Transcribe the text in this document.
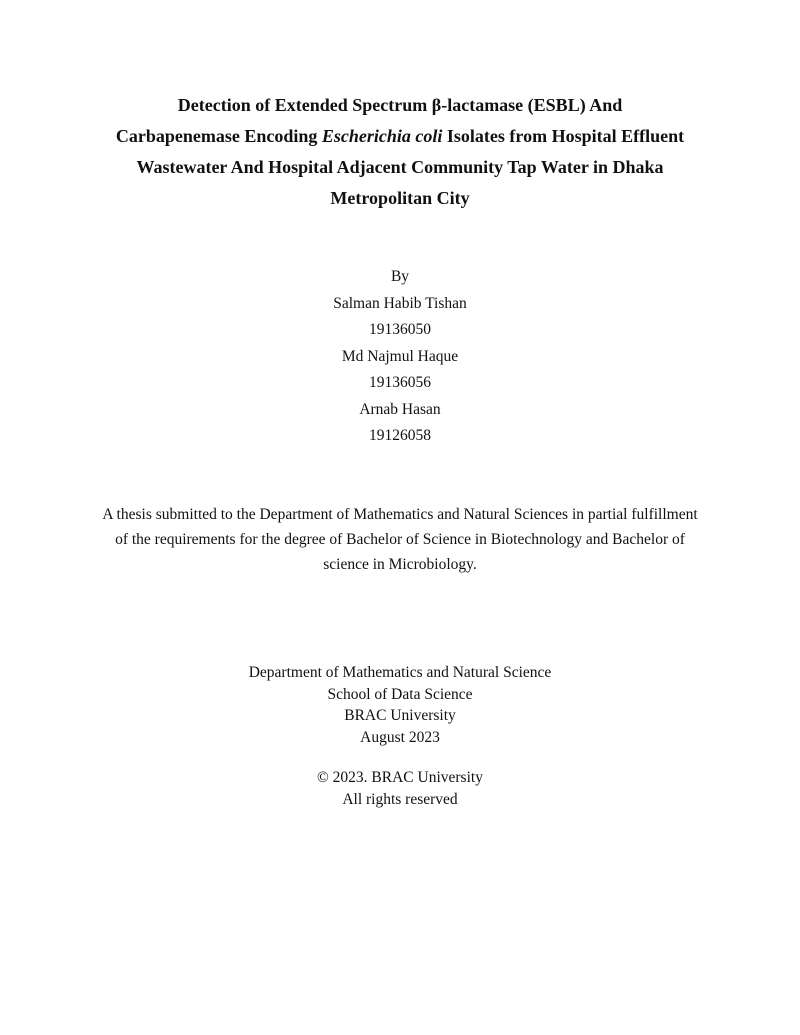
Detection of Extended Spectrum β-lactamase (ESBL) And
Carbapenemase Encoding Escherichia coli Isolates from Hospital Effluent
Wastewater And Hospital Adjacent Community Tap Water in Dhaka
Metropolitan City
By
Salman Habib Tishan
19136050
Md Najmul Haque
19136056
Arnab Hasan
19126058
A thesis submitted to the Department of Mathematics and Natural Sciences in partial fulfillment
of the requirements for the degree of Bachelor of Science in Biotechnology and Bachelor of
science in Microbiology.
Department of Mathematics and Natural Science
School of Data Science
BRAC University
August 2023
© 2023. BRAC University
All rights reserved
